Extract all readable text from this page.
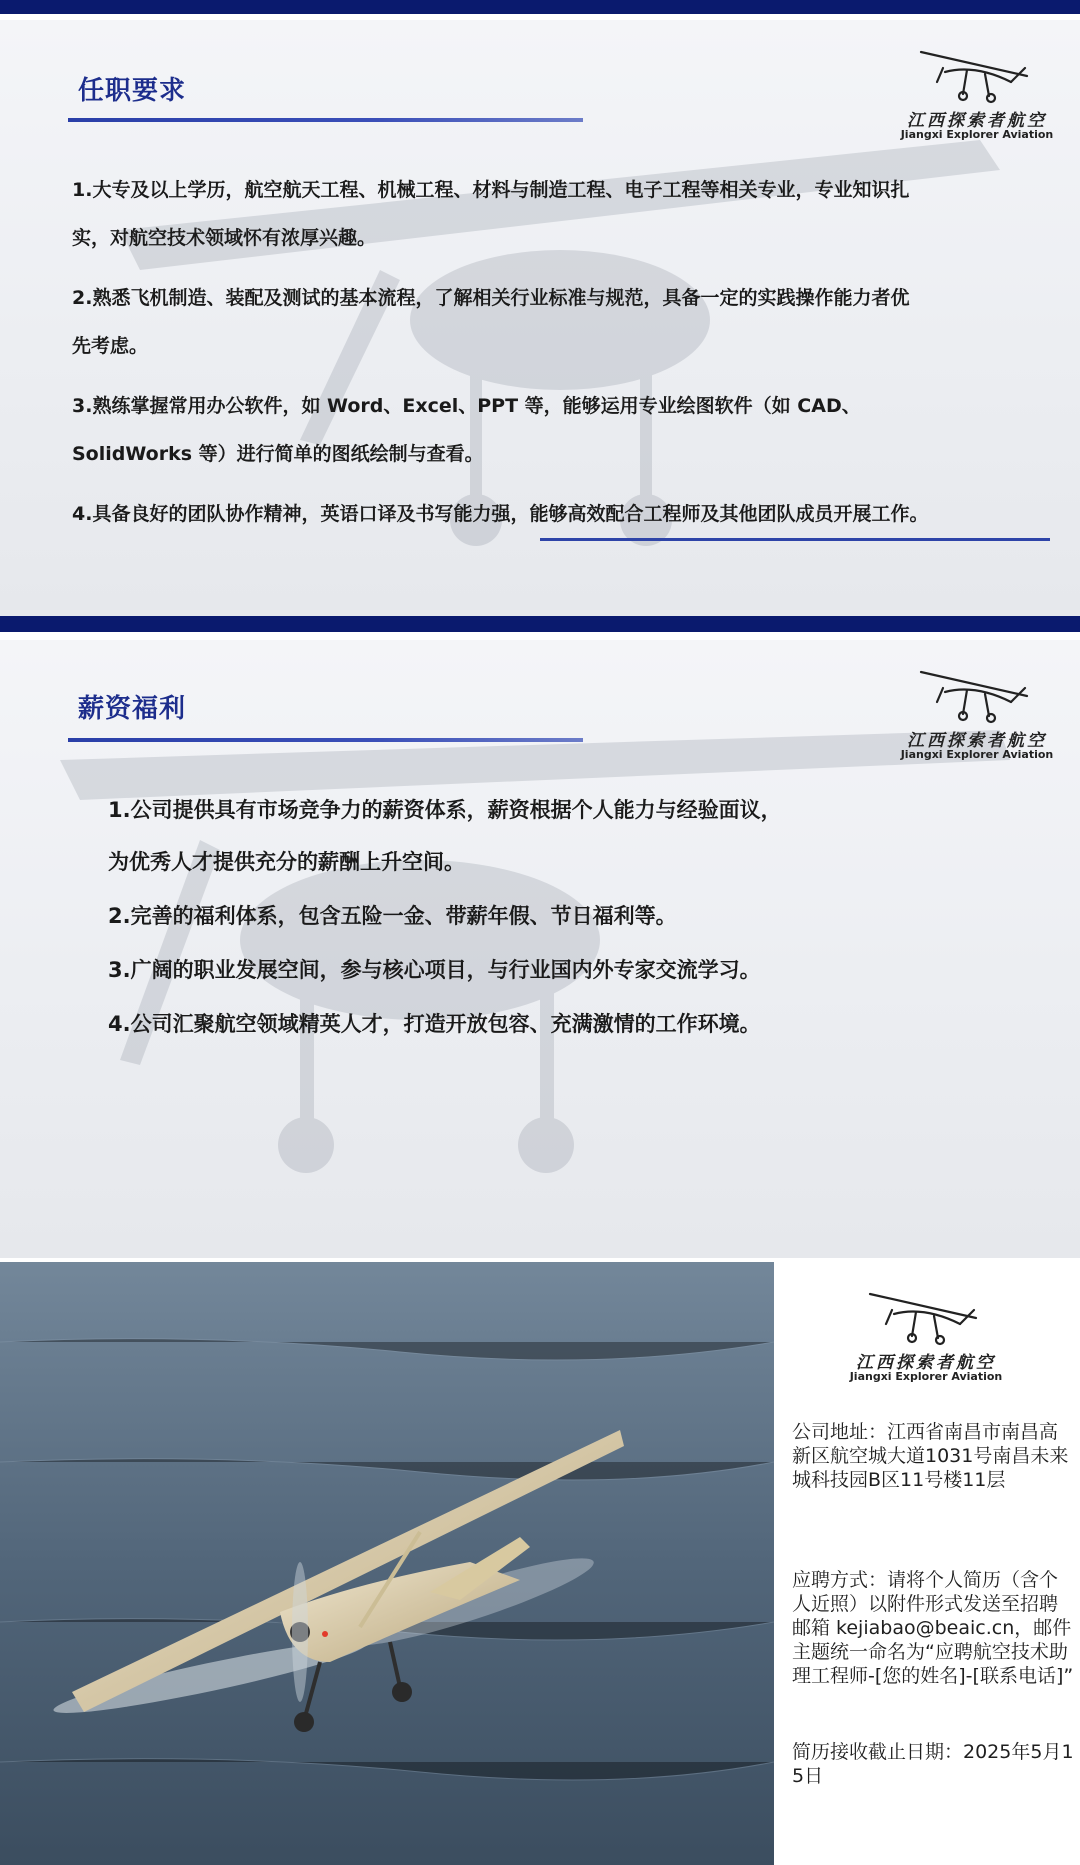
任职要求
江西探索者航空
Jiangxi Explorer Aviation
1.大专及以上学历，航空航天工程、机械工程、材料与制造工程、电子工程等相关专业，专业知识扎
实，对航空技术领域怀有浓厚兴趣。
2.熟悉飞机制造、装配及测试的基本流程，了解相关行业标准与规范，具备一定的实践操作能力者优
先考虑。
3.熟练掌握常用办公软件，如 Word、Excel、PPT 等，能够运用专业绘图软件（如 CAD、
SolidWorks 等）进行简单的图纸绘制与查看。
4.具备良好的团队协作精神，英语口译及书写能力强，能够高效配合工程师及其他团队成员开展工作。
薪资福利
江西探索者航空
Jiangxi Explorer Aviation
1.公司提供具有市场竞争力的薪资体系，薪资根据个人能力与经验面议，
为优秀人才提供充分的薪酬上升空间。
2.完善的福利体系，包含五险一金、带薪年假、节日福利等。
3.广阔的职业发展空间，参与核心项目，与行业国内外专家交流学习。
4.公司汇聚航空领域精英人才，打造开放包容、充满激情的工作环境。
江西探索者航空
Jiangxi Explorer Aviation
公司地址：江西省南昌市南昌高新区航空城大道1031号南昌未来城科技园B区11号楼11层
应聘方式：请将个人简历（含个人近照）以附件形式发送至招聘邮箱 kejiabao@beaic.cn，邮件主题统一命名为“应聘航空技术助理工程师-[您的姓名]-[联系电话]”
简历接收截止日期：2025年5月15日
